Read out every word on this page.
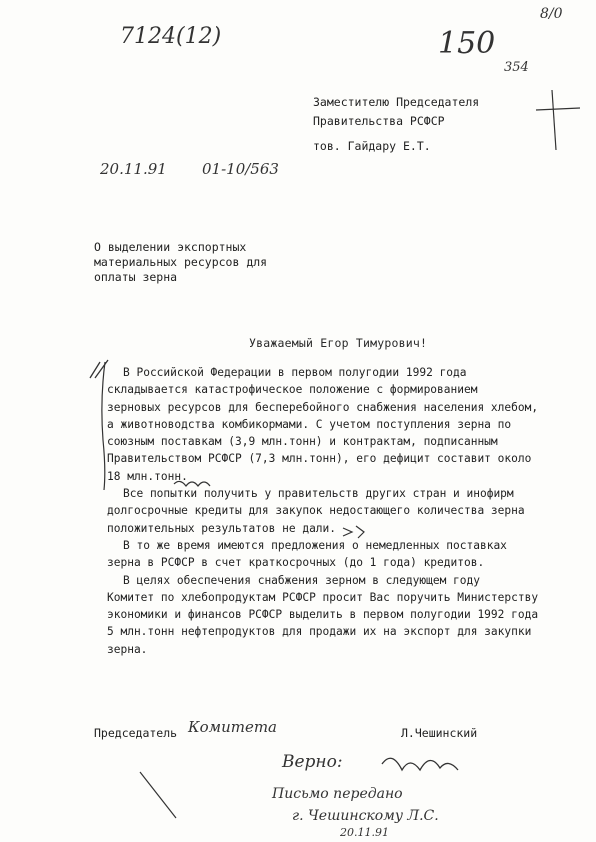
7124(12)	150
8/0
354
20.11.91 01-10/563
Заместителю Председателя
Правительства РСФСР
тов. Гайдару Е.Т.
О выделении экспортных
материальных ресурсов для
оплаты зерна
Уважаемый Егор Тимурович!
В Российской Федерации в первом полугодии 1992 года
складывается катастрофическое положение с формированием
зерновых ресурсов для бесперебойного снабжения населения хлебом,
а животноводства комбикормами. С учетом поступления зерна по
союзным поставкам (3,9 млн.тонн) и контрактам, подписанным
Правительством РСФСР (7,3 млн.тонн), его дефицит составит около
18 млн.тонн.
Все попытки получить у правительств других стран и инофирм
долгосрочные кредиты для закупок недостающего количества зерна
положительных результатов не дали.
В то же время имеются предложения о немедленных поставках
зерна в РСФСР в счет краткосрочных (до 1 года) кредитов.
В целях обеспечения снабжения зерном в следующем году
Комитет по хлебопродуктам РСФСР просит Вас поручить Министерству
экономики и финансов РСФСР выделить в первом полугодии 1992 года
5 млн.тонн нефтепродуктов для продажи их на экспорт для закупки
зерна.
Председатель Комитета	Л.Чешинский
Верно:
Письмо передано
г. Чешинскому Л.С.
20.11.91
